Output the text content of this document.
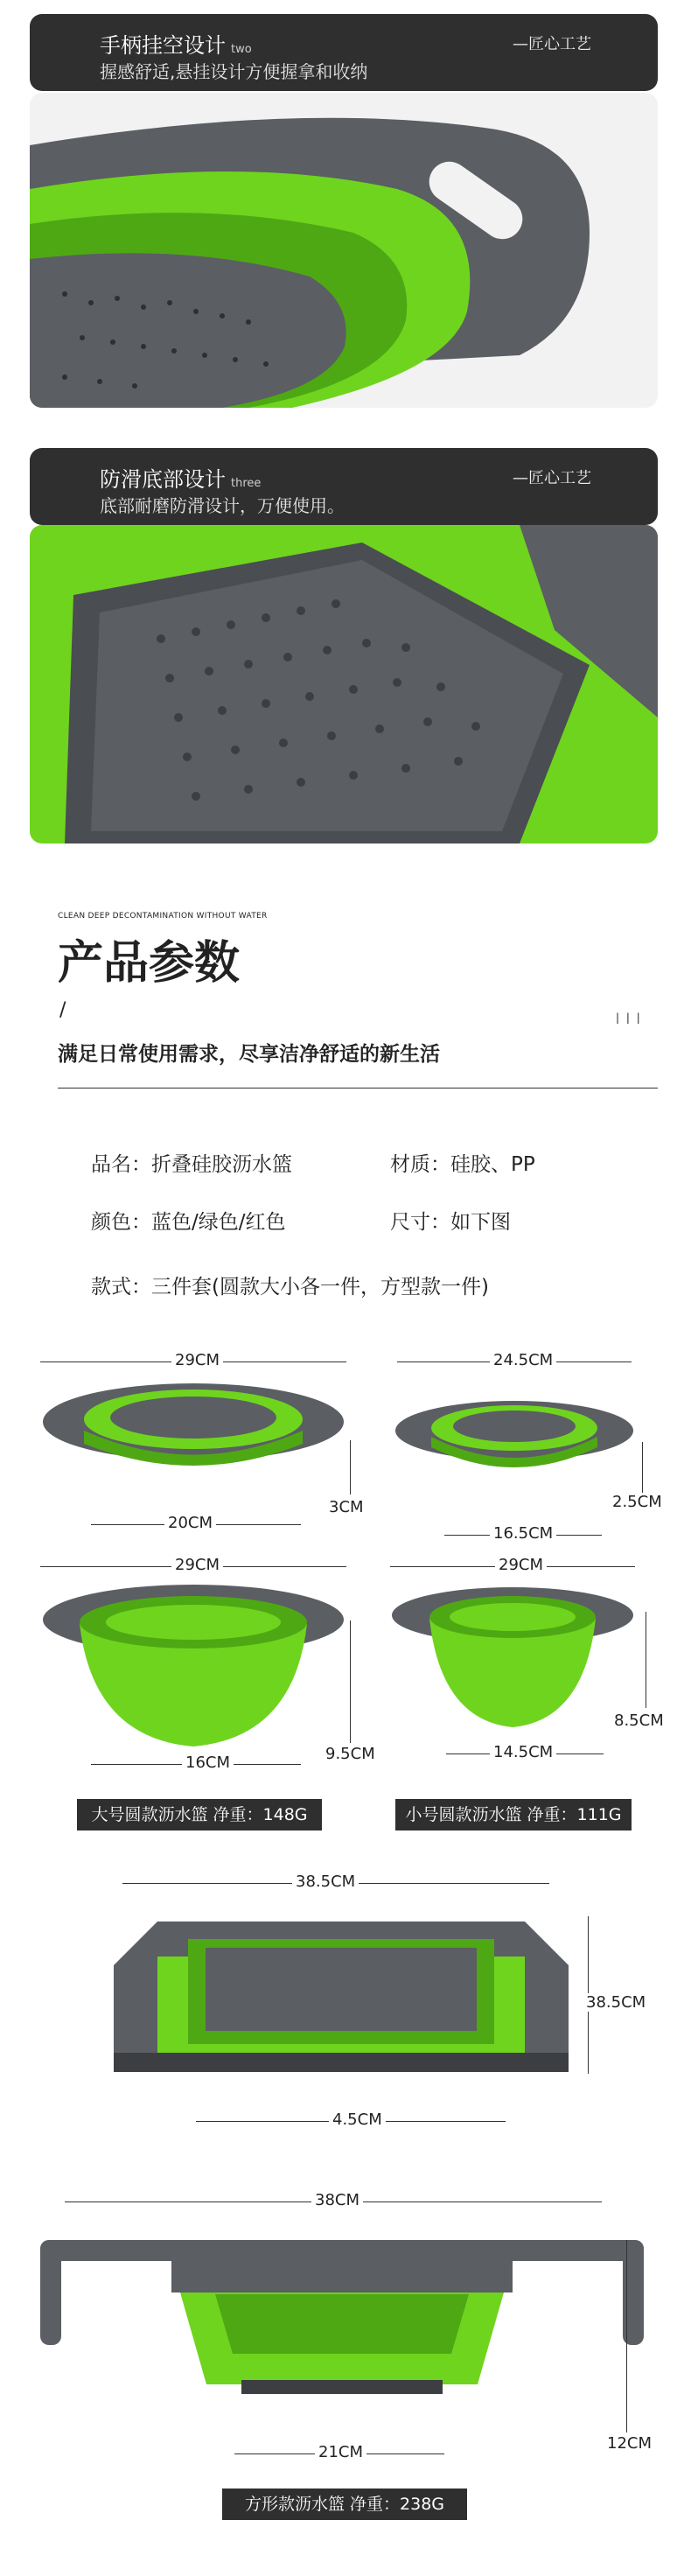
手柄挂空设计 two
握感舒适,悬挂设计方便握拿和收纳
—匠心工艺
防滑底部设计 three
底部耐磨防滑设计，万便使用。
—匠心工艺
CLEAN DEEP DECONTAMINATION WITHOUT WATER
产品参数
/	| | |
满足日常使用需求，尽享洁净舒适的新生活
品名：折叠硅胶沥水篮	材质：硅胶、PP
颜色：蓝色/绿色/红色	尺寸：如下图
款式：三件套(圆款大小各一件，方型款一件)
29CM
20CM
3CM
24.5CM
16.5CM
2.5CM
29CM
16CM	9.5CM
29CM
14.5CM
8.5CM
大号圆款沥水篮 净重：148G	小号圆款沥水篮 净重：111G
38.5CM
38.5CM
4.5CM
38CM
21CM	12CM
方形款沥水篮 净重：238G
